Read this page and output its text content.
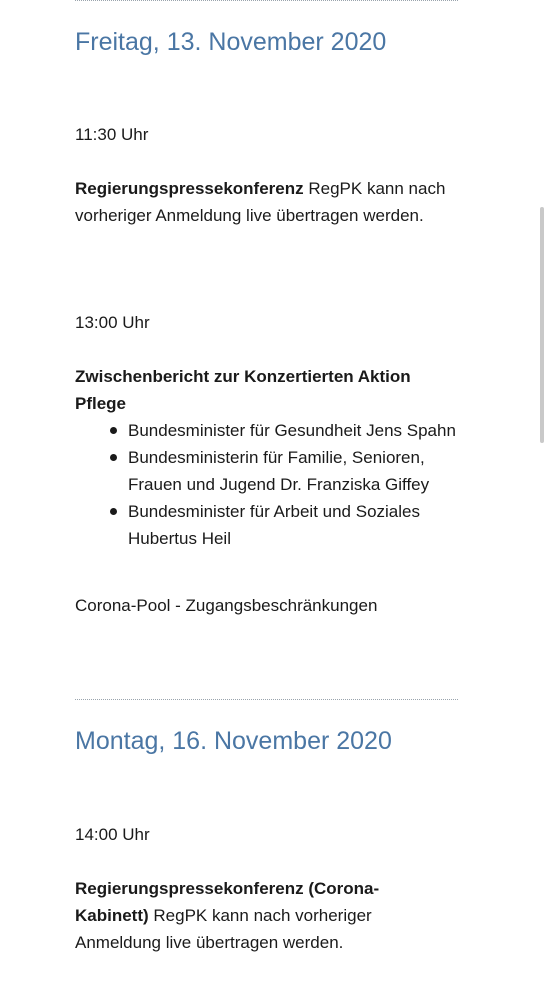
Freitag, 13. November 2020

11:30 Uhr

Regierungspressekonferenz RegPK kann nach vorheriger Anmeldung live übertragen werden.

13:00 Uhr

Zwischenbericht zur Konzertierten Aktion Pflege

Bundesminister für Gesundheit Jens Spahn
Bundesministerin für Familie, Senioren, Frauen und Jugend Dr. Franziska Giffey
Bundesminister für Arbeit und Soziales Hubertus Heil

Corona-Pool - Zugangsbeschränkungen

Montag, 16. November 2020

14:00 Uhr

Regierungspressekonferenz (Corona-Kabinett) RegPK kann nach vorheriger Anmeldung live übertragen werden.
